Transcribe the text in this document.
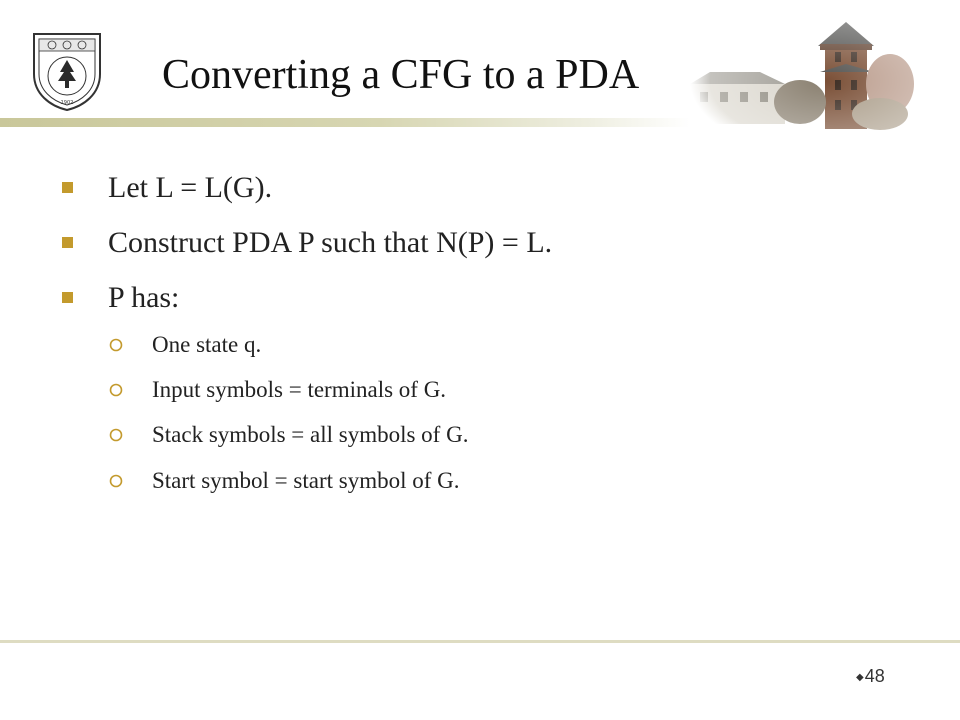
1902
Converting a CFG to a PDA
Let L = L(G).
Construct PDA P such that N(P) = L.
P has:
One state q.
Input symbols = terminals of G.
Stack symbols = all symbols of G.
Start symbol = start symbol of G.
◆48
